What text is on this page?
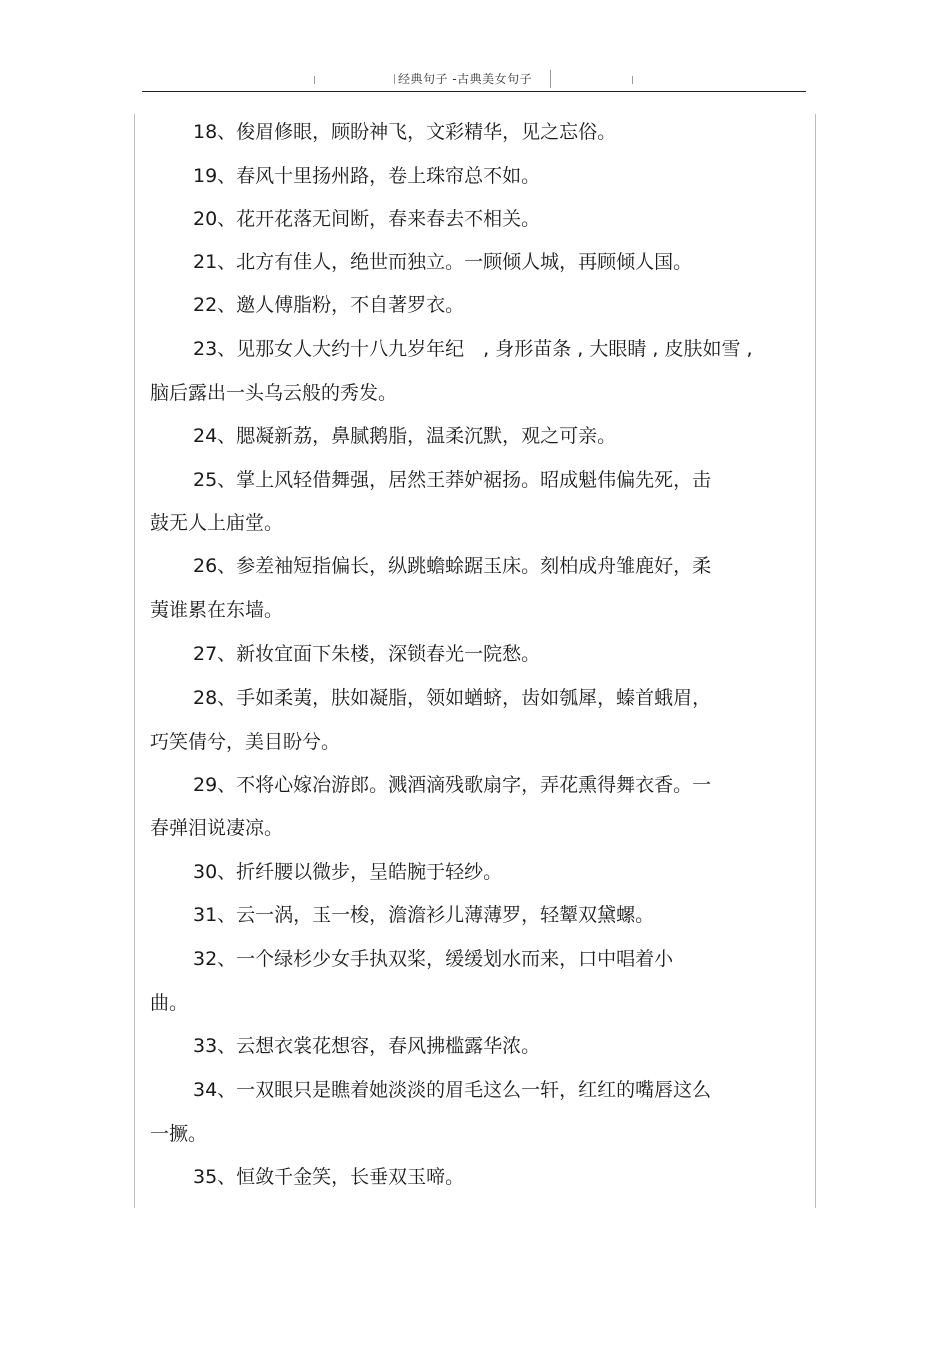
经典句子 -古典美女句子
18、俊眉修眼，顾盼神飞，文彩精华，见之忘俗。
19、春风十里扬州路，卷上珠帘总不如。
20、花开花落无间断，春来春去不相关。
21、北方有佳人，绝世而独立。一顾倾人城，再顾倾人国。
22、邀人傅脂粉，不自著罗衣。
23、见那女人大约十八九岁年纪　, 身形苗条 , 大眼睛 , 皮肤如雪 ,
脑后露出一头乌云般的秀发。
24、腮凝新荔，鼻腻鹅脂，温柔沉默，观之可亲。
25、掌上风轻借舞强，居然王莽妒裾扬。昭成魁伟偏先死，击
鼓无人上庙堂。
26、参差袖短指偏长，纵跳蟾蜍踞玉床。刻柏成舟雏鹿好，柔
荑谁累在东墙。
27、新妆宜面下朱楼，深锁春光一院愁。
28、手如柔荑，肤如凝脂，领如蝤蛴，齿如瓠犀，螓首蛾眉，
巧笑倩兮，美目盼兮。
29、不将心嫁冶游郎。溅酒滴残歌扇字，弄花熏得舞衣香。一
春弹泪说凄凉。
30、折纤腰以微步，呈皓腕于轻纱。
31、云一涡，玉一梭，澹澹衫儿薄薄罗，轻颦双黛螺。
32、一个绿杉少女手执双桨，缓缓划水而来，口中唱着小
曲。
33、云想衣裳花想容，春风拂槛露华浓。
34、一双眼只是瞧着她淡淡的眉毛这么一轩，红红的嘴唇这么
一撅。
35、恒敛千金笑，长垂双玉啼。
